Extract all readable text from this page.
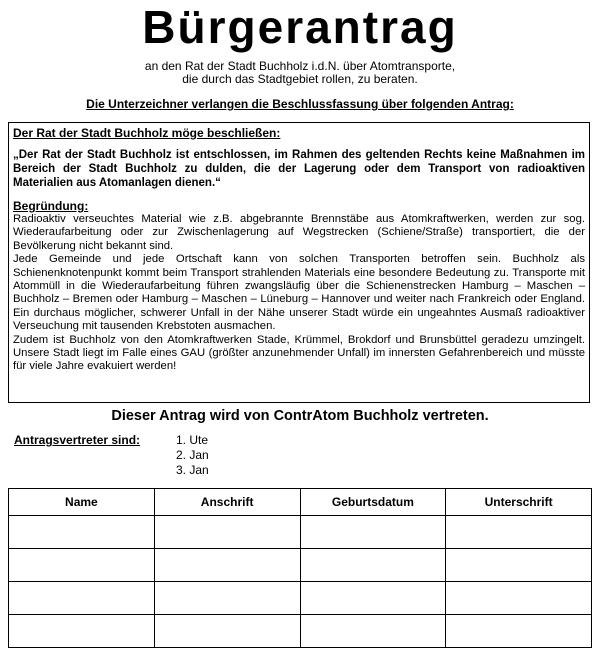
Bürgerantrag
an den Rat der Stadt Buchholz i.d.N. über Atomtransporte,
die durch das Stadtgebiet rollen, zu beraten.
Die Unterzeichner verlangen die Beschlussfassung über folgenden Antrag:
Der Rat der Stadt Buchholz möge beschließen:
„Der Rat der Stadt Buchholz ist entschlossen, im Rahmen des geltenden Rechts keine Maßnahmen im Bereich der Stadt Buchholz zu dulden, die der Lagerung oder dem Transport von radioaktiven Materialien aus Atomanlagen dienen.“
Begründung:

Radioaktiv verseuchtes Material wie z.B. abgebrannte Brennstäbe aus Atomkraftwerken, werden zur sog. Wiederaufarbeitung oder zur Zwischenlagerung auf Wegstrecken (Schiene/Straße) transportiert, die der Bevölkerung nicht bekannt sind.

Jede Gemeinde und jede Ortschaft kann von solchen Transporten betroffen sein. Buchholz als Schienenknotenpunkt kommt beim Transport strahlenden Materials eine besondere Bedeutung zu. Transporte mit Atommüll in die Wiederaufarbeitung führen zwangsläufig über die Schienenstrecken Hamburg – Maschen – Buchholz – Bremen oder Hamburg – Maschen – Lüneburg – Hannover und weiter nach Frankreich oder England. Ein durchaus möglicher, schwerer Unfall in der Nähe unserer Stadt würde ein ungeahntes Ausmaß radioaktiver Verseuchung mit tausenden Krebstoten ausmachen.

Zudem ist Buchholz von den Atomkraftwerken Stade, Krümmel, Brokdorf und Brunsbüttel geradezu umzingelt. Unsere Stadt liegt im Falle eines GAU (größter anzunehmender Unfall) im innersten Gefahrenbereich und müsste für viele Jahre evakuiert werden!

Dieser Antrag wird von ContrAtom Buchholz vertreten.
Antragsvertreter sind:	1. Ute
2. Jan
3. Jan
Name	Anschrift	Geburtsdatum	Unterschrift
